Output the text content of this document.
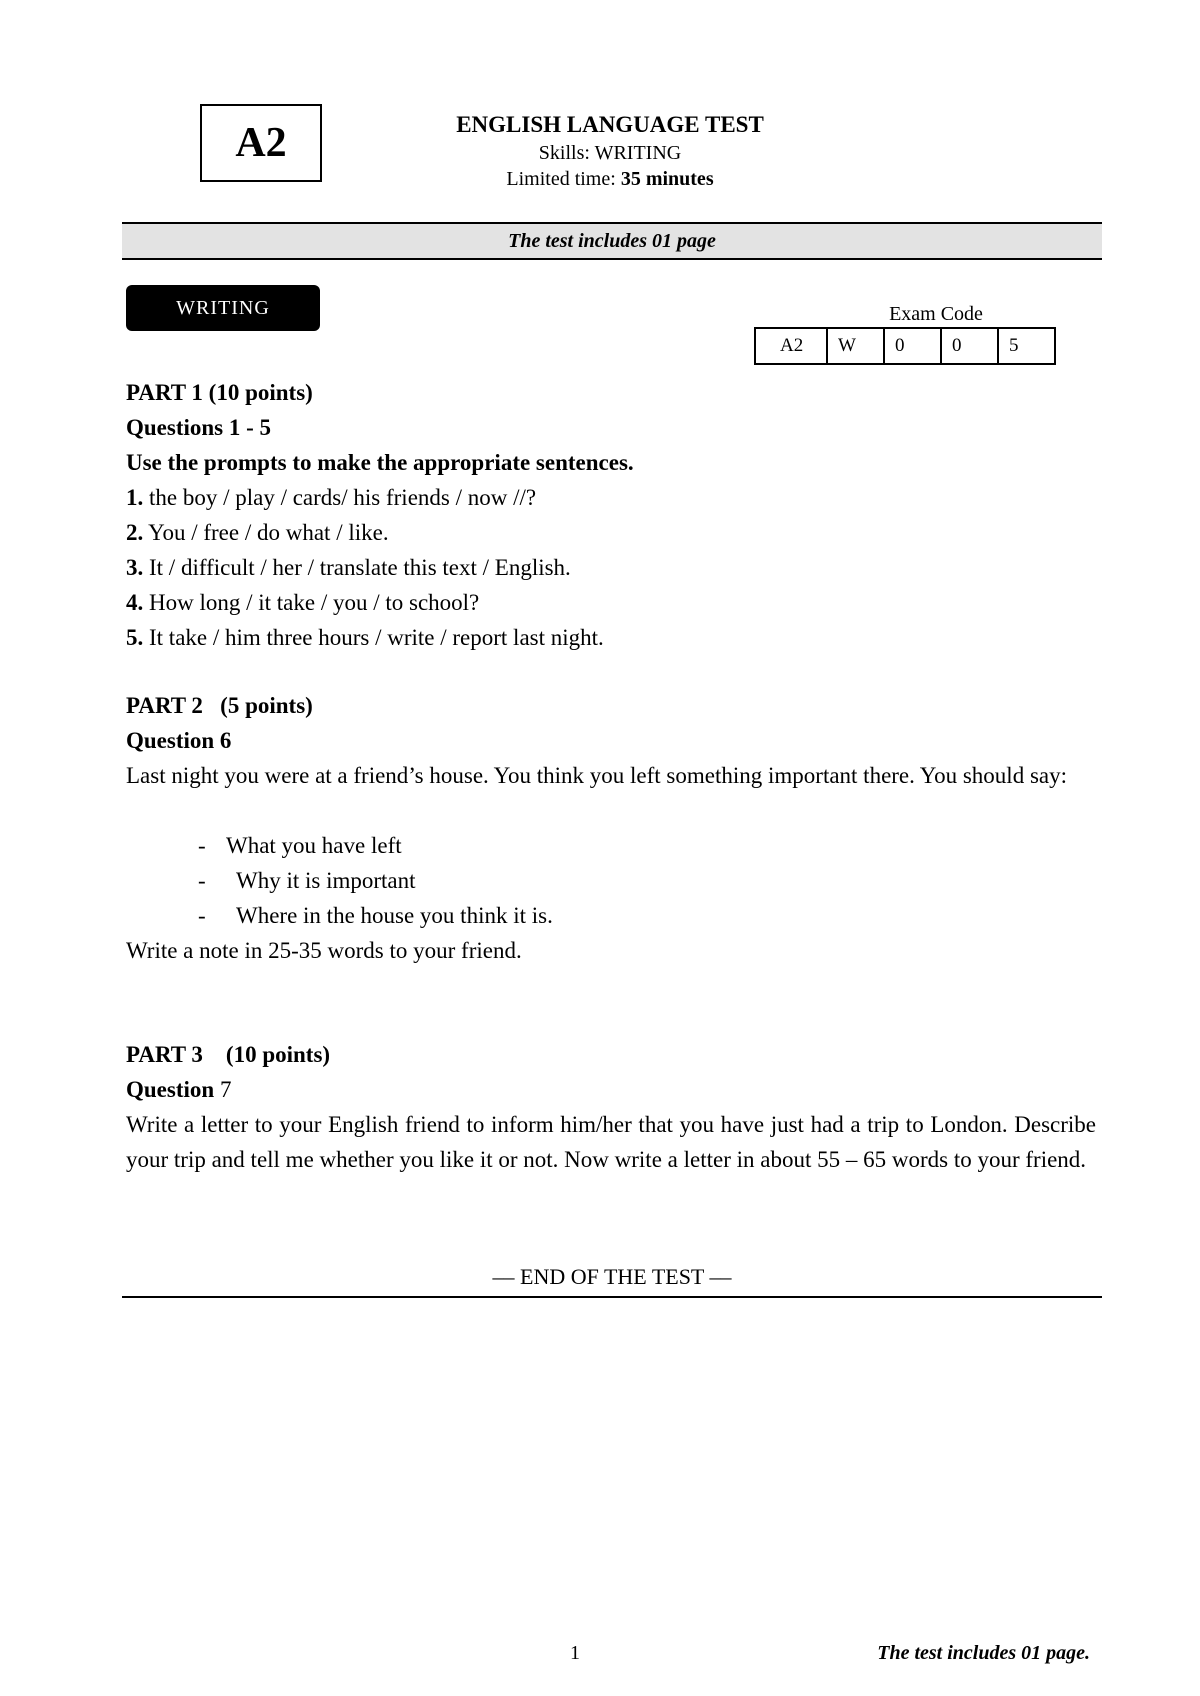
A2	ENGLISH LANGUAGE TEST
Skills: WRITING
Limited time: 35 minutes
The test includes 01 page
WRITING	Exam Code
A2	W	0	0	5
PART 1 (10 points)
Questions 1 - 5
Use the prompts to make the appropriate sentences.
1. the boy / play / cards/ his friends / now //?
2. You / free / do what / like.
3. It / difficult / her / translate this text / English.
4. How long / it take / you / to school?
5. It take / him three hours / write / report last night.
PART 2   (5 points)
Question 6
Last night you were at a friend’s house. You think you left something important there. You should say:
- What you have left
- Why it is important
- Where in the house you think it is.
Write a note in 25-35 words to your friend.
PART 3    (10 points)
Question 7
Write a letter to your English friend to inform him/her that you have just had a trip to London. Describe your trip and tell me whether you like it or not. Now write a letter in about 55 – 65 words to your friend.
–– END OF THE TEST ––
1	The test includes 01 page.
